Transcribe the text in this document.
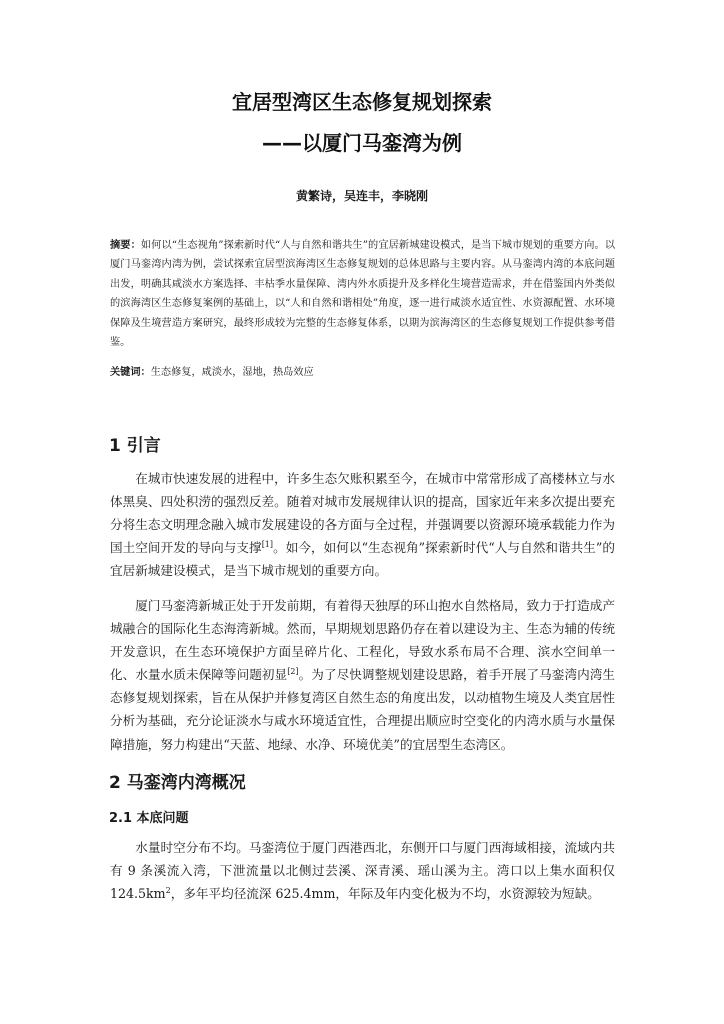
宜居型湾区生态修复规划探索
——以厦门马銮湾为例

黄繁诗，吴连丰，李晓刚

摘要：如何以“生态视角”探索新时代“人与自然和谐共生”的宜居新城建设模式，是当下城市规划的重要方向。以厦门马銮湾内湾为例，尝试探索宜居型滨海湾区生态修复规划的总体思路与主要内容。从马銮湾内湾的本底问题出发，明确其咸淡水方案选择、丰枯季水量保障、湾内外水质提升及多样化生境营造需求，并在借鉴国内外类似的滨海湾区生态修复案例的基础上，以“人和自然和谐相处”角度，逐一进行咸淡水适宜性、水资源配置、水环境保障及生境营造方案研究，最终形成较为完整的生态修复体系，以期为滨海湾区的生态修复规划工作提供参考借鉴。

关键词：生态修复，咸淡水，湿地，热岛效应

1 引言

在城市快速发展的进程中，许多生态欠账积累至今，在城市中常常形成了高楼林立与水体黑臭、四处积涝的强烈反差。随着对城市发展规律认识的提高，国家近年来多次提出要充分将生态文明理念融入城市发展建设的各方面与全过程，并强调要以资源环境承载能力作为国土空间开发的导向与支撑[1]。如今，如何以“生态视角”探索新时代“人与自然和谐共生”的宜居新城建设模式，是当下城市规划的重要方向。

厦门马銮湾新城正处于开发前期，有着得天独厚的环山抱水自然格局，致力于打造成产城融合的国际化生态海湾新城。然而，早期规划思路仍存在着以建设为主、生态为辅的传统开发意识，在生态环境保护方面呈碎片化、工程化，导致水系布局不合理、滨水空间单一化、水量水质未保障等问题初显[2]。为了尽快调整规划建设思路，着手开展了马銮湾内湾生态修复规划探索，旨在从保护并修复湾区自然生态的角度出发，以动植物生境及人类宜居性分析为基础，充分论证淡水与咸水环境适宜性，合理提出顺应时空变化的内湾水质与水量保障措施，努力构建出“天蓝、地绿、水净、环境优美”的宜居型生态湾区。

2 马銮湾内湾概况
2.1 本底问题

水量时空分布不均。马銮湾位于厦门西港西北，东侧开口与厦门西海域相接，流域内共有 9 条溪流入湾，下泄流量以北侧过芸溪、深青溪、瑶山溪为主。湾口以上集水面积仅 $124.5km^2$，多年平均径流深 625.4mm，年际及年内变化极为不均，水资源较为短缺。
